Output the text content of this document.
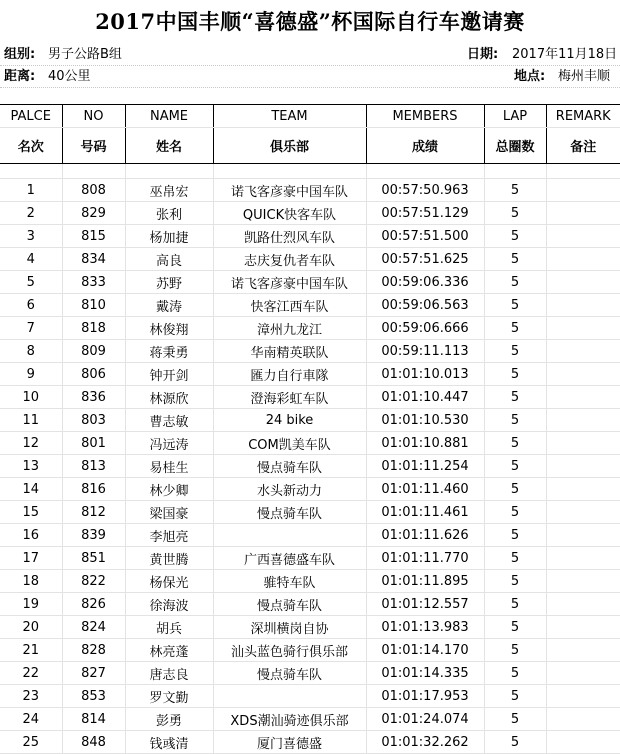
2017中国丰顺“喜德盛”杯国际自行车邀请赛
组别: 男子公路B组	日期: 2017年11月18日
距离: 40公里	地点: 梅州丰顺
PALCE	NO	NAME	TEAM	MEMBERS	LAP	REMARK
名次	号码	姓名	俱乐部	成绩	总圈数	备注

1	808	巫帛宏	诺飞客彦豪中国车队	00:57:50.963	5	
2	829	张利	QUICK快客车队	00:57:51.129	5	
3	815	杨加捷	凯路仕烈风车队	00:57:51.500	5	
4	834	高良	志庆复仇者车队	00:57:51.625	5	
5	833	苏野	诺飞客彦豪中国车队	00:59:06.336	5	
6	810	戴涛	快客江西车队	00:59:06.563	5	
7	818	林俊翔	漳州九龙江	00:59:06.666	5	
8	809	蒋秉勇	华南精英联队	00:59:11.113	5	
9	806	钟开剑	匯力自行車隊	01:01:10.013	5	
10	836	林源欣	澄海彩虹车队	01:01:10.447	5	
11	803	曹志敏	24 bike	01:01:10.530	5	
12	801	冯远涛	COM凯美车队	01:01:10.881	5	
13	813	易桂生	慢点骑车队	01:01:11.254	5	
14	816	林少卿	水头新动力	01:01:11.460	5	
15	812	梁国豪	慢点骑车队	01:01:11.461	5	
16	839	李旭亮		01:01:11.626	5	
17	851	黄世腾	广西喜德盛车队	01:01:11.770	5	
18	822	杨保光	骓特车队	01:01:11.895	5	
19	826	徐海波	慢点骑车队	01:01:12.557	5	
20	824	胡兵	深圳横岗自协	01:01:13.983	5	
21	828	林亮蓬	汕头蓝色骑行俱乐部	01:01:14.170	5	
22	827	唐志良	慢点骑车队	01:01:14.335	5	
23	853	罗文勤		01:01:17.953	5	
24	814	彭勇	XDS潮汕骑迹俱乐部	01:01:24.074	5	
25	848	钱彧清	厦门喜德盛	01:01:32.262	5	
